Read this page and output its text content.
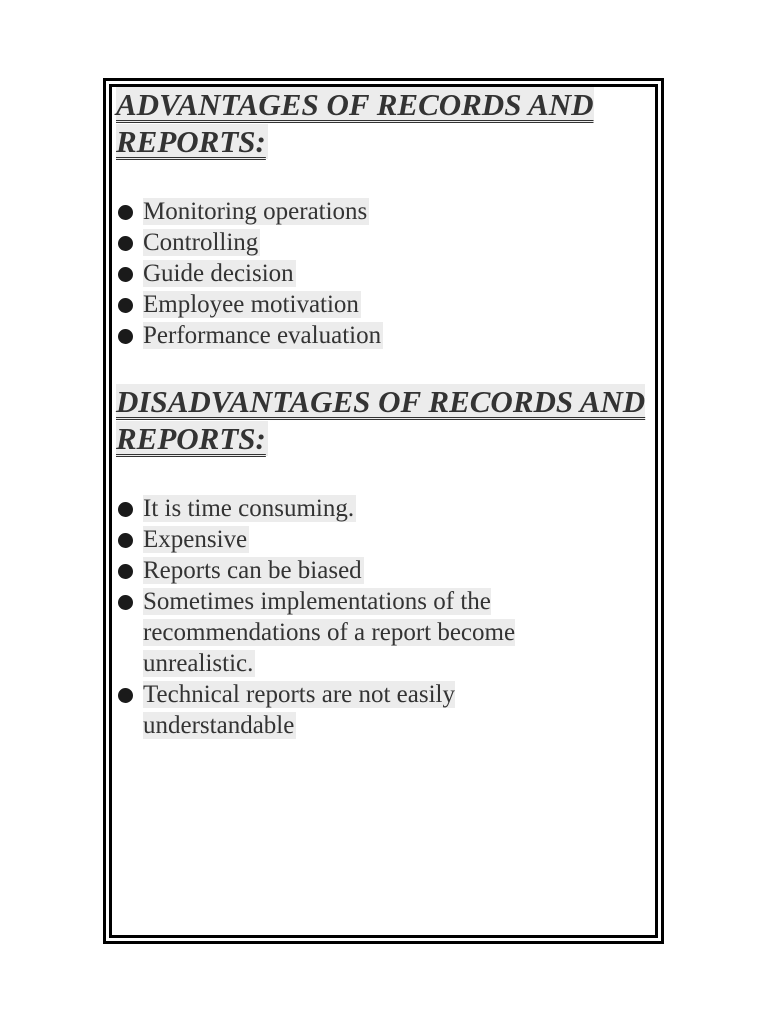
ADVANTAGES OF RECORDS AND REPORTS:
Monitoring operations
Controlling
Guide decision
Employee motivation
Performance evaluation
DISADVANTAGES OF RECORDS AND REPORTS:
It is time consuming.
Expensive
Reports can be biased
Sometimes implementations of the recommendations of a report become unrealistic.
Technical reports are not easily understandable
